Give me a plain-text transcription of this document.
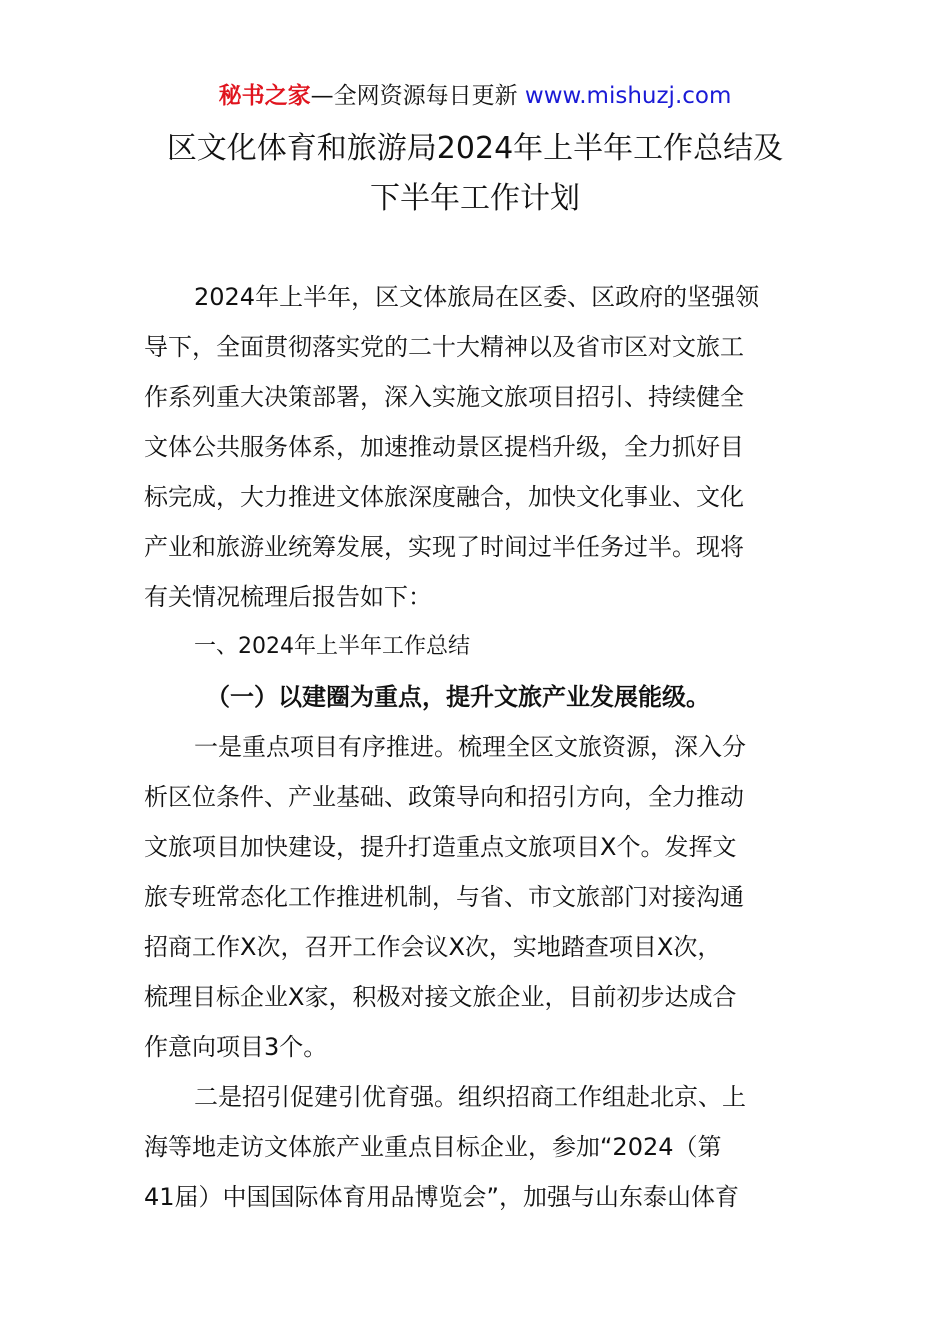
秘书之家—全网资源每日更新 www.mishuzj.com
区文化体育和旅游局2024年上半年工作总结及
下半年工作计划

2024年上半年，区文体旅局在区委、区政府的坚强领

导下，全面贯彻落实党的二十大精神以及省市区对文旅工

作系列重大决策部署，深入实施文旅项目招引、持续健全

文体公共服务体系，加速推动景区提档升级，全力抓好目

标完成，大力推进文体旅深度融合，加快文化事业、文化

产业和旅游业统筹发展，实现了时间过半任务过半。现将

有关情况梳理后报告如下：

一、2024年上半年工作总结

（一）以建圈为重点，提升文旅产业发展能级。

一是重点项目有序推进。梳理全区文旅资源，深入分

析区位条件、产业基础、政策导向和招引方向，全力推动

文旅项目加快建设，提升打造重点文旅项目X个。发挥文

旅专班常态化工作推进机制，与省、市文旅部门对接沟通

招商工作X次，召开工作会议X次，实地踏查项目X次，

梳理目标企业X家，积极对接文旅企业，目前初步达成合

作意向项目3个。

二是招引促建引优育强。组织招商工作组赴北京、上

海等地走访文体旅产业重点目标企业，参加“2024（第

41届）中国国际体育用品博览会”，加强与山东泰山体育
